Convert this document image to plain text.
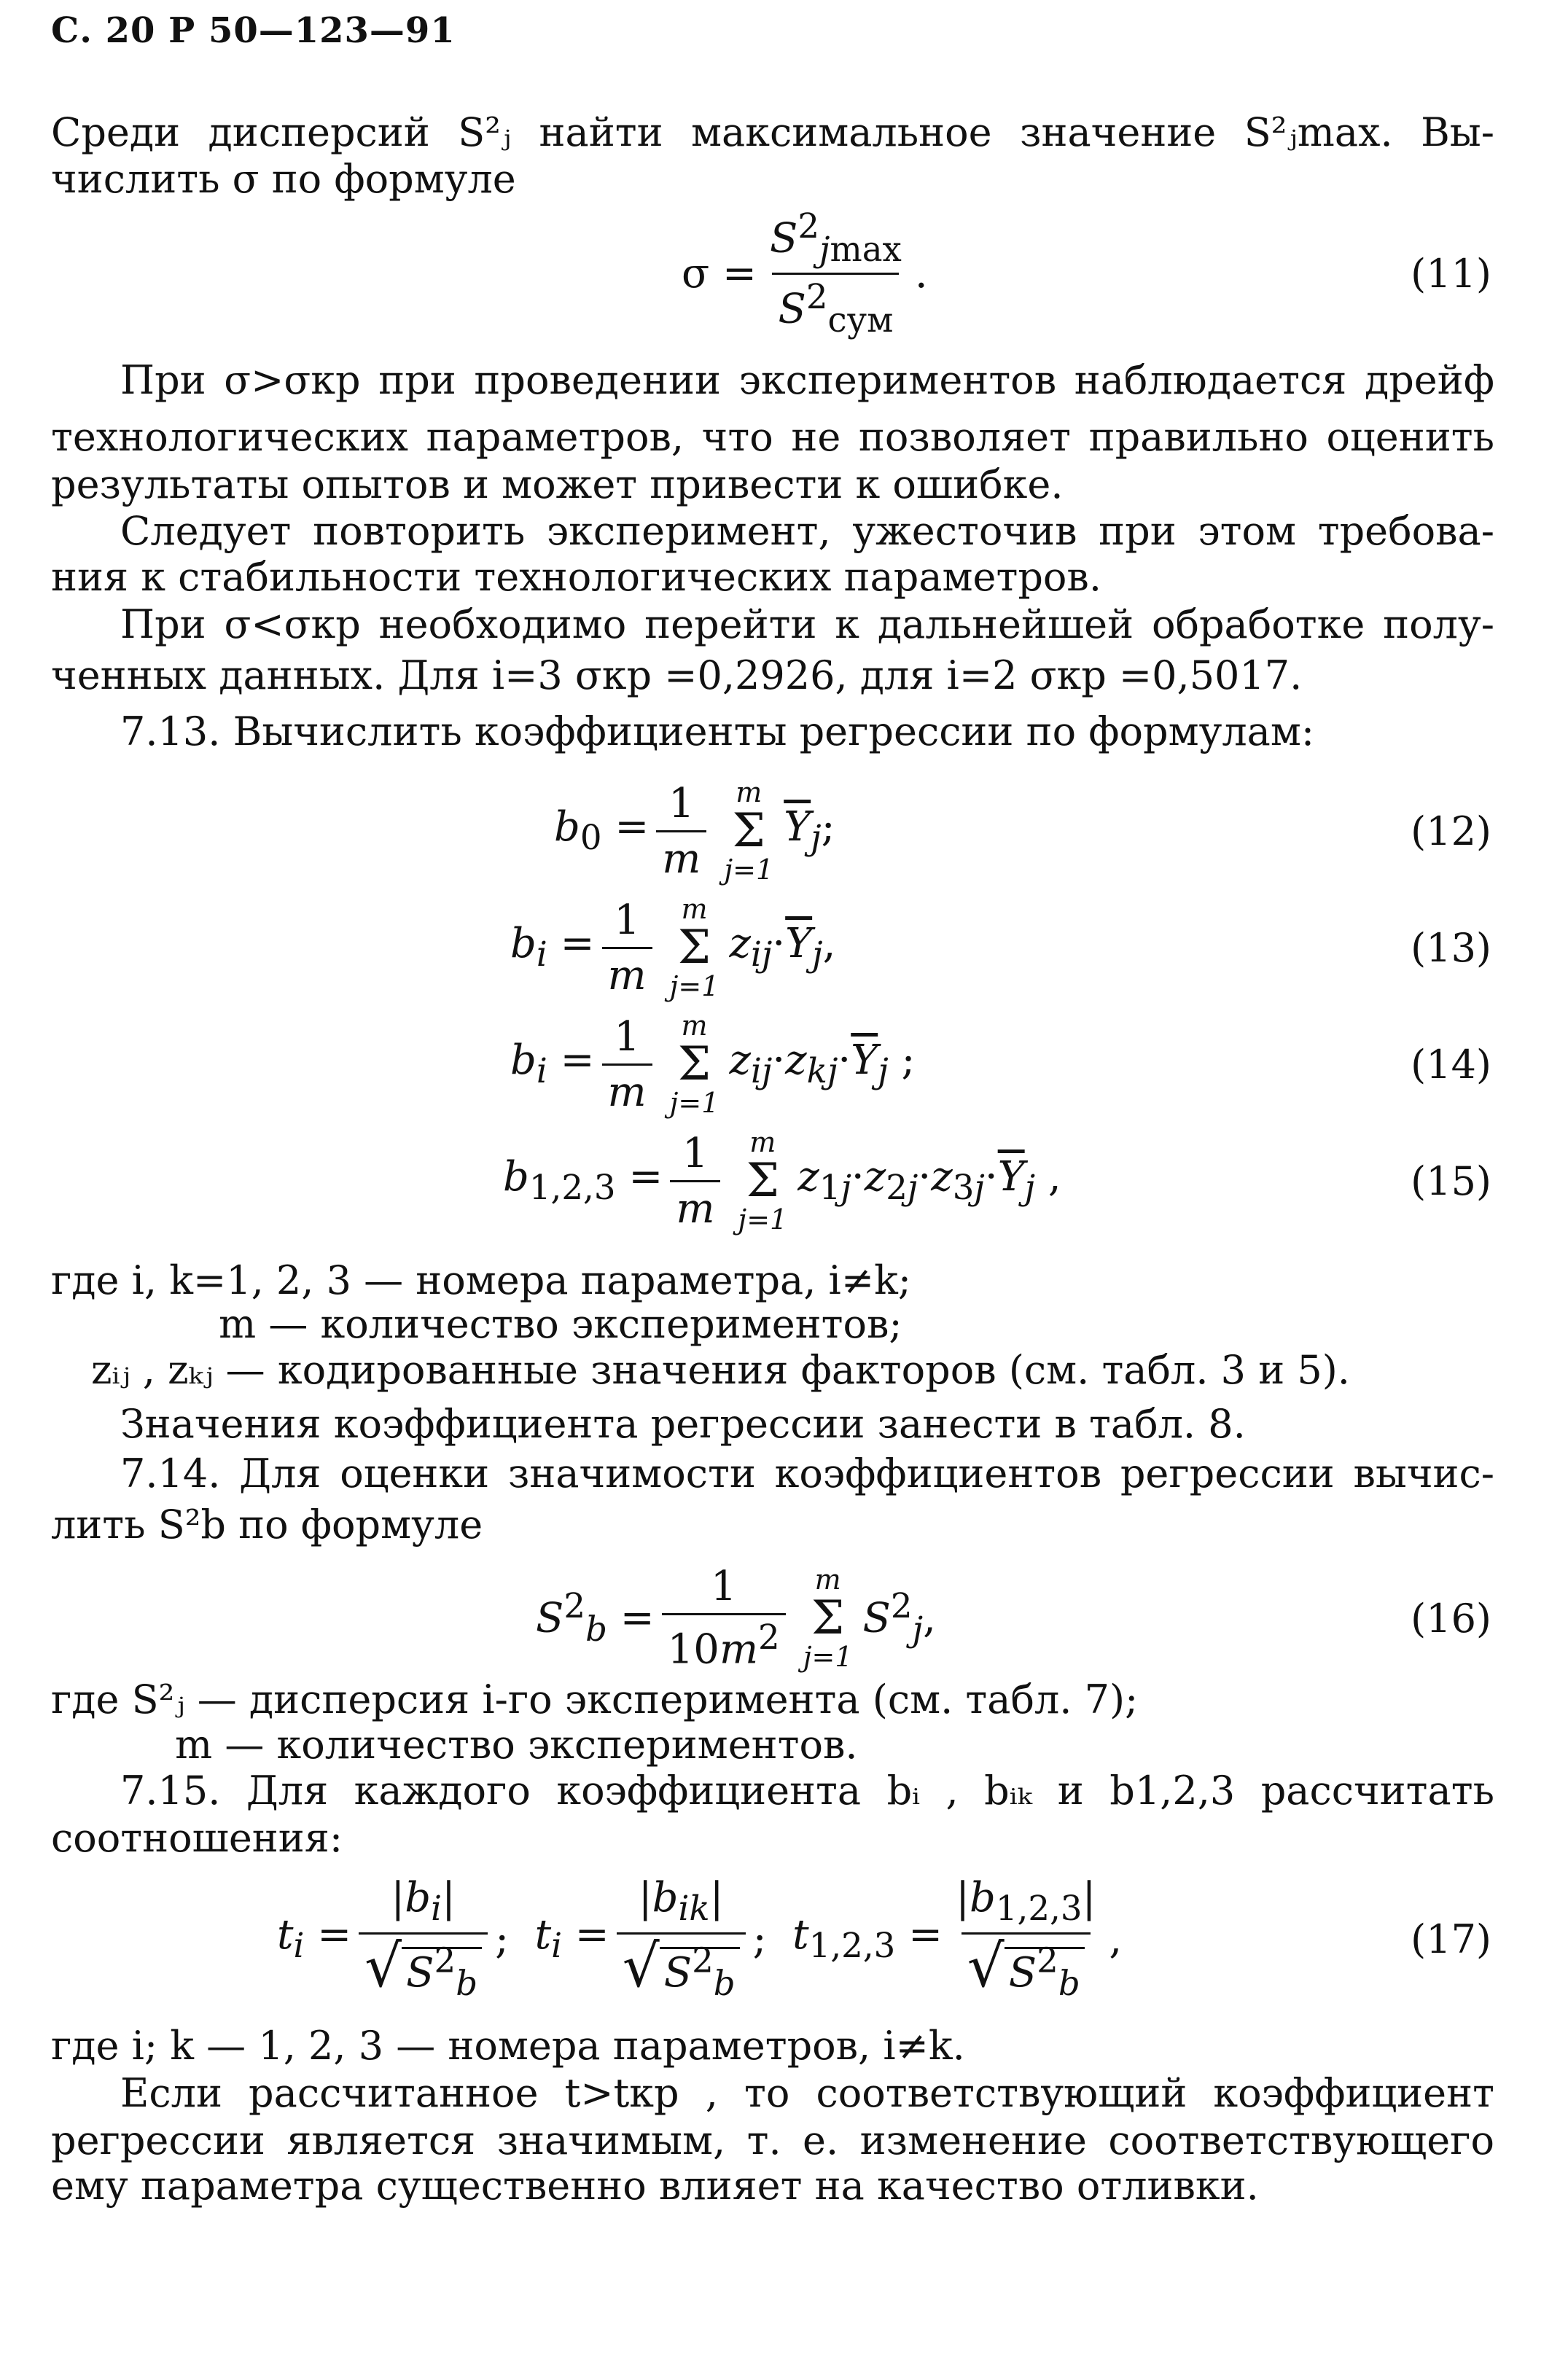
С. 20 Р 50—123—91
Среди дисперсий S²ⱼ найти максимальное значение S²ⱼmax. Вы-
числить σ по формуле
$\sigma = \frac{S^2_{jmax}}{S^2_{сум}}$ .	(11)
При σ>σкр при проведении экспериментов наблюдается дрейф
технологических параметров, что не позволяет правильно оценить
результаты опытов и может привести к ошибке.
Следует повторить эксперимент, ужесточив при этом требова-
ния к стабильности технологических параметров.
При σ<σкр необходимо перейти к дальнейшей обработке полу-
ченных данных. Для i=3 σкр =0,2926, для i=2 σкр =0,5017.
7.13. Вычислить коэффициенты регрессии по формулам:
$b_0 = \frac{1}{m}$ m
Σ
j=1
$\overline{Y}_j$;	(12)
$b_i = \frac{1}{m}$ m
Σ
j=1
$z_{ij}\cdot\overline{Y}_j$,	(13)
$b_i = \frac{1}{m}$ m
Σ
j=1
$z_{ij}\cdot z_{kj}\cdot\overline{Y}_j$ ;	(14)
$b_{1,2,3} = \frac{1}{m}$ m
Σ
j=1
$z_{1j}\cdot z_{2j}\cdot z_{3j}\cdot\overline{Y}_j$ ,	(15)
где i, k=1, 2, 3 — номера параметра, i≠k;
m — количество экспериментов;
zᵢⱼ , zₖⱼ — кодированные значения факторов (см. табл. 3 и 5).
Значения коэффициента регрессии занести в табл. 8.
7.14. Для оценки значимости коэффициентов регрессии вычис-
лить S²b по формуле
$S^2_b = \frac{1}{10m^2}$ m
Σ
j=1
$S^2_j$,	(16)
где S²ⱼ — дисперсия i-го эксперимента (см. табл. 7);
m — количество экспериментов.
7.15. Для каждого коэффициента bᵢ , bᵢₖ и b1,2,3 рассчитать
соотношения:
$t_i = \frac{|b_i|}{√ S^2_b}$ ; $t_i = \frac{|b_{ik}|}{√ S^2_b}$ ; $t_{1,2,3} = \frac{|b_{1,2,3}|}{√ S^2_b}$ ,	(17)
где i; k — 1, 2, 3 — номера параметров, i≠k.
Если рассчитанное t>tкр , то соответствующий коэффициент
регрессии является значимым, т. е. изменение соответствующего
ему параметра существенно влияет на качество отливки.
